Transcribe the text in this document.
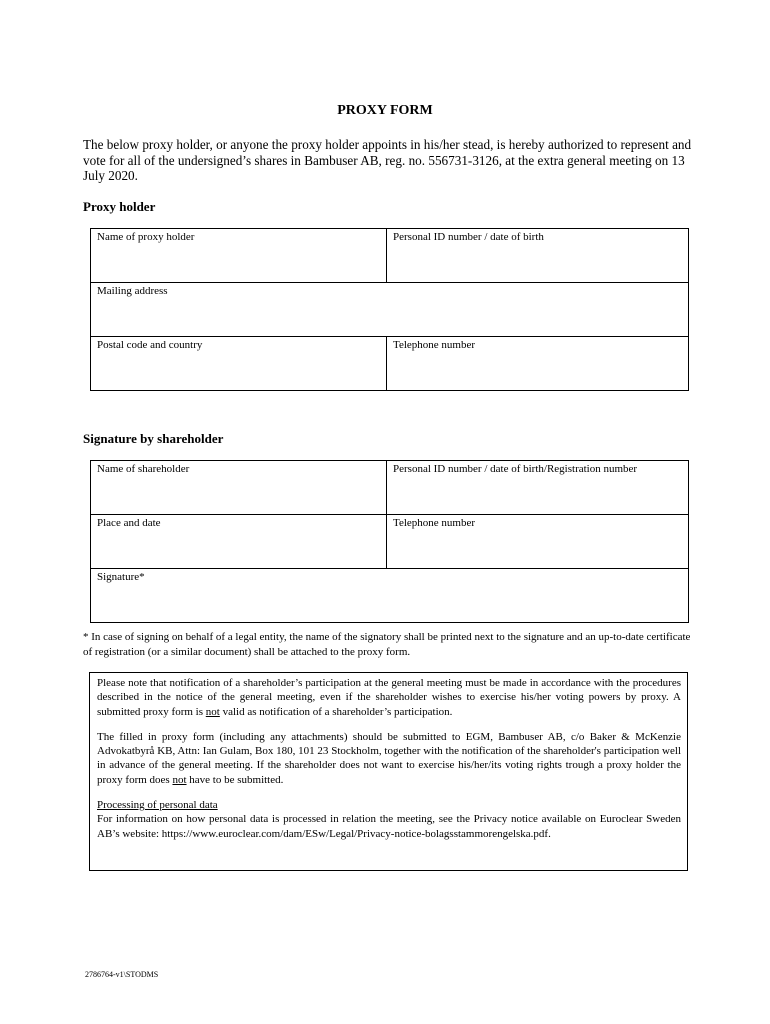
PROXY FORM
The below proxy holder, or anyone the proxy holder appoints in his/her stead, is hereby authorized to represent and vote for all of the undersigned’s shares in Bambuser AB, reg. no. 556731-3126, at the extra general meeting on 13 July 2020.
Proxy holder
Name of proxy holder	Personal ID number / date of birth
Mailing address	
Postal code and country	Telephone number
Signature by shareholder
Name of shareholder	Personal ID number / date of birth/Registration number
Place and date	Telephone number
Signature*	
* In case of signing on behalf of a legal entity, the name of the signatory shall be printed next to the signature and an up-to-date certificate of registration (or a similar document) shall be attached to the proxy form.

Please note that notification of a shareholder’s participation at the general meeting must be made in accordance with the procedures described in the notice of the general meeting, even if the shareholder wishes to exercise his/her voting powers by proxy. A submitted proxy form is not valid as notification of a shareholder’s participation.

The filled in proxy form (including any attachments) should be submitted to EGM, Bambuser AB, c/o Baker & McKenzie Advokatbyrå KB, Attn: Ian Gulam, Box 180, 101 23 Stockholm, together with the notification of the shareholder's participation well in advance of the general meeting. If the shareholder does not want to exercise his/her/its voting rights trough a proxy holder the proxy form does not have to be submitted.

Processing of personal data
For information on how personal data is processed in relation the meeting, see the Privacy notice available on Euroclear Sweden AB’s website: https://www.euroclear.com/dam/ESw/Legal/Privacy-notice-bolagsstammorengelska.pdf.

2786764-v1\STODMS
